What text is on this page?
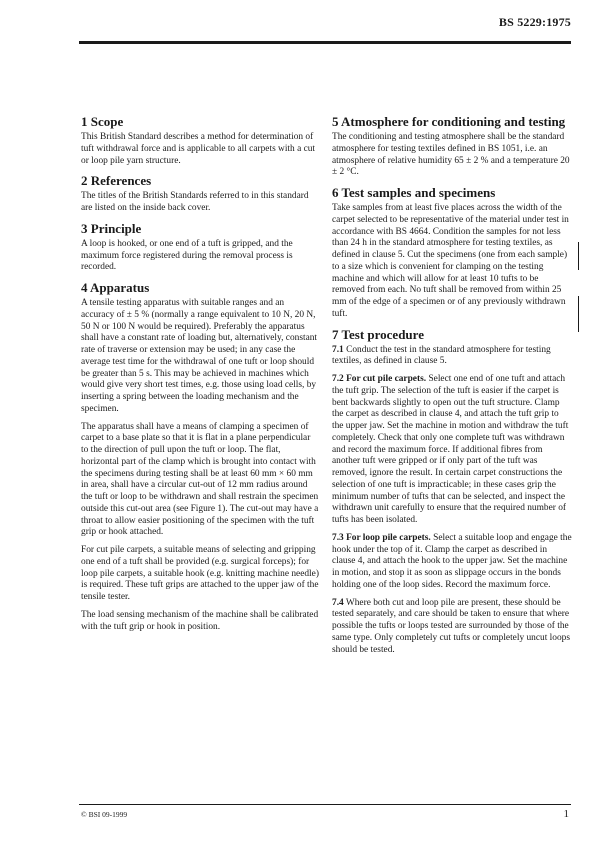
BS 5229:1975
1 Scope

This British Standard describes a method for determination of tuft withdrawal force and is applicable to all carpets with a cut or loop pile yarn structure.

2 References

The titles of the British Standards referred to in this standard are listed on the inside back cover.

3 Principle

A loop is hooked, or one end of a tuft is gripped, and the maximum force registered during the removal process is recorded.

4 Apparatus

A tensile testing apparatus with suitable ranges and an accuracy of ± 5 % (normally a range equivalent to 10 N, 20 N, 50 N or 100 N would be required). Preferably the apparatus shall have a constant rate of loading but, alternatively, constant rate of traverse or extension may be used; in any case the average test time for the withdrawal of one tuft or loop should be greater than 5 s. This may be achieved in machines which would give very short test times, e.g. those using load cells, by inserting a spring between the loading mechanism and the specimen.

The apparatus shall have a means of clamping a specimen of carpet to a base plate so that it is flat in a plane perpendicular to the direction of pull upon the tuft or loop. The flat, horizontal part of the clamp which is brought into contact with the specimens during testing shall be at least 60 mm × 60 mm in area, shall have a circular cut-out of 12 mm radius around the tuft or loop to be withdrawn and shall restrain the specimen outside this cut-out area (see Figure 1). The cut-out may have a throat to allow easier positioning of the specimen with the tuft grip or hook attached.

For cut pile carpets, a suitable means of selecting and gripping one end of a tuft shall be provided (e.g. surgical forceps); for loop pile carpets, a suitable hook (e.g. knitting machine needle) is required. These tuft grips are attached to the upper jaw of the tensile tester.

The load sensing mechanism of the machine shall be calibrated with the tuft grip or hook in position.

5 Atmosphere for conditioning and testing

The conditioning and testing atmosphere shall be the standard atmosphere for testing textiles defined in BS 1051, i.e. an atmosphere of relative humidity 65 ± 2 % and a temperature 20 ± 2 °C.

6 Test samples and specimens

Take samples from at least five places across the width of the carpet selected to be representative of the material under test in accordance with BS 4664. Condition the samples for not less than 24 h in the standard atmosphere for testing textiles, as defined in clause 5. Cut the specimens (one from each sample) to a size which is convenient for clamping on the testing machine and which will allow for at least 10 tufts to be removed from each. No tuft shall be removed from within 25 mm of the edge of a specimen or of any previously withdrawn tuft.

7 Test procedure

7.1 Conduct the test in the standard atmosphere for testing textiles, as defined in clause 5.

7.2 For cut pile carpets. Select one end of one tuft and attach the tuft grip. The selection of the tuft is easier if the carpet is bent backwards slightly to open out the tuft structure. Clamp the carpet as described in clause 4, and attach the tuft grip to the upper jaw. Set the machine in motion and withdraw the tuft completely. Check that only one complete tuft was withdrawn and record the maximum force. If additional fibres from another tuft were gripped or if only part of the tuft was removed, ignore the result. In certain carpet constructions the selection of one tuft is impracticable; in these cases grip the minimum number of tufts that can be selected, and inspect the withdrawn unit carefully to ensure that the required number of tufts has been isolated.

7.3 For loop pile carpets. Select a suitable loop and engage the hook under the top of it. Clamp the carpet as described in clause 4, and attach the hook to the upper jaw. Set the machine in motion, and stop it as soon as slippage occurs in the bonds holding one of the loop sides. Record the maximum force.

7.4 Where both cut and loop pile are present, these should be tested separately, and care should be taken to ensure that where possible the tufts or loops tested are surrounded by those of the same type. Only completely cut tufts or completely uncut loops should be tested.

© BSI 09-1999	1
